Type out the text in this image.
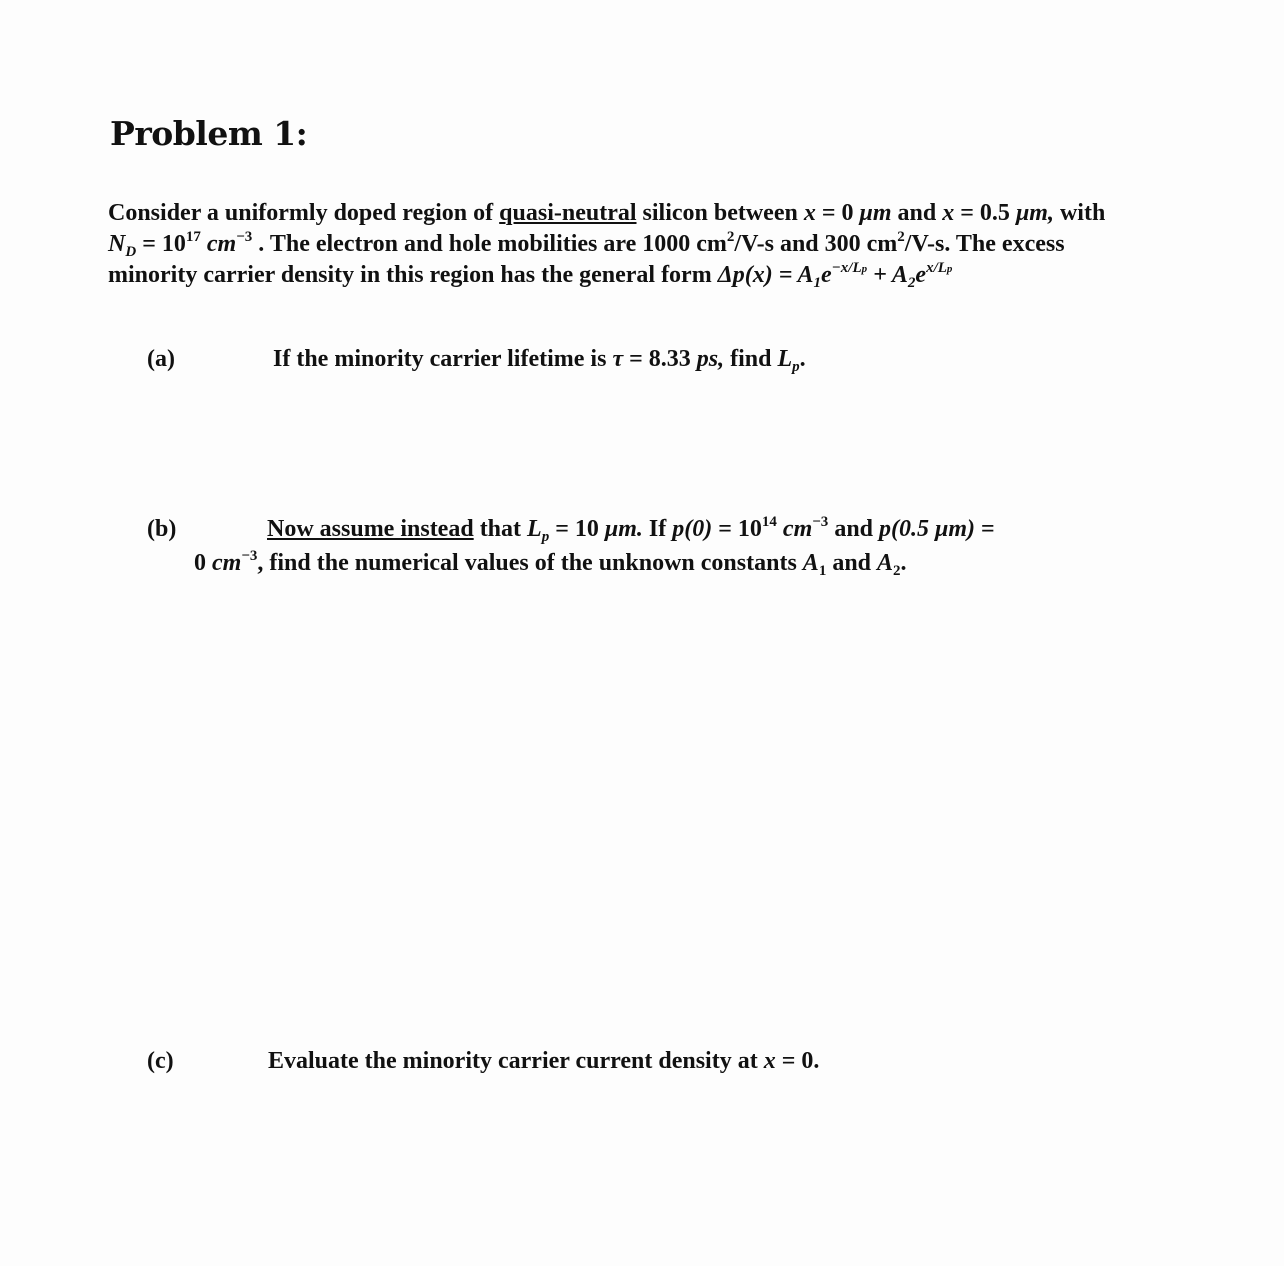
Problem 1:
Consider a uniformly doped region of quasi-neutral silicon between x = 0 μm and x = 0.5 μm, with
$N_D = 10^{17}$ $cm^{-3}$ . The electron and hole mobilities are 1000 $cm^2/V-s$ and 300 $cm^2/V-s$. The excess
minority carrier density in this region has the general form $\Delta p(x) = A_1e^{-x/Lp} + A_2e^{x/Lp}$
(a)	If the minority carrier lifetime is τ = 8.33 ps, find $L_p$.
(b)	Now assume instead that $L_p = 10$ μm. If $p(0) = 10^{14}$ $cm^{-3}$ and p(0.5 μm) =
0 $cm^{-3}$, find the numerical values of the unknown constants $A_1$ and $A_2$.
(c)	Evaluate the minority carrier current density at x = 0.
